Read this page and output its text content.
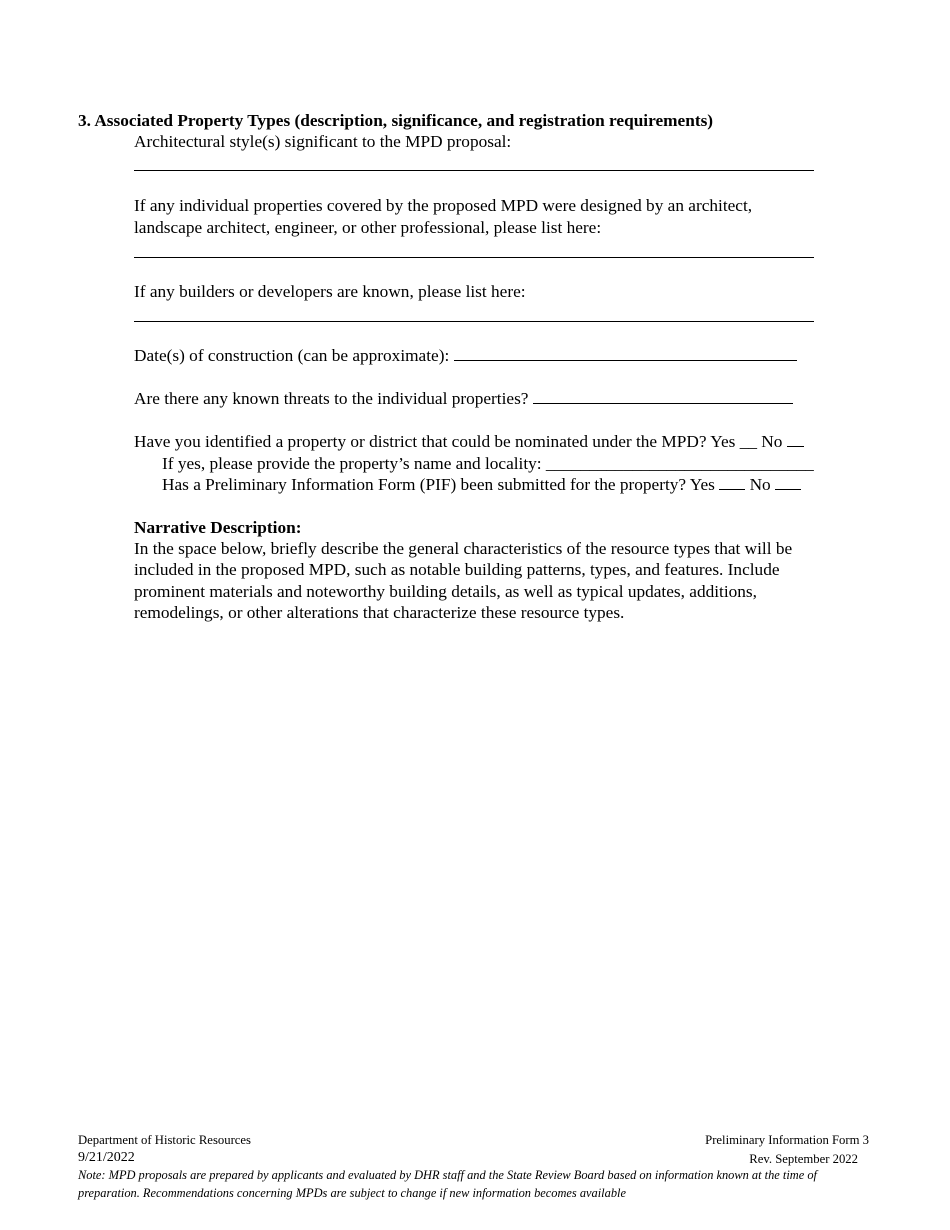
3. Associated Property Types (description, significance, and registration requirements)
Architectural style(s) significant to the MPD proposal:
If any individual properties covered by the proposed MPD were designed by an architect,
landscape architect, engineer, or other professional, please list here:
If any builders or developers are known, please list here:
Date(s) of construction (can be approximate):
Are there any known threats to the individual properties?
Have you identified a property or district that could be nominated under the MPD? Yes __ No
If yes, please provide the property’s name and locality: _______________________________
Has a Preliminary Information Form (PIF) been submitted for the property? Yes No
Narrative Description:
In the space below, briefly describe the general characteristics of the resource types that will be
included in the proposed MPD, such as notable building patterns, types, and features. Include
prominent materials and noteworthy building details, as well as typical updates, additions,
remodelings, or other alterations that characterize these resource types.
Department of Historic Resources	Preliminary Information Form 3
9/21/2022	Rev. September 2022
Note: MPD proposals are prepared by applicants and evaluated by DHR staff and the State Review Board based on information known at the time of
preparation. Recommendations concerning MPDs are subject to change if new information becomes available
